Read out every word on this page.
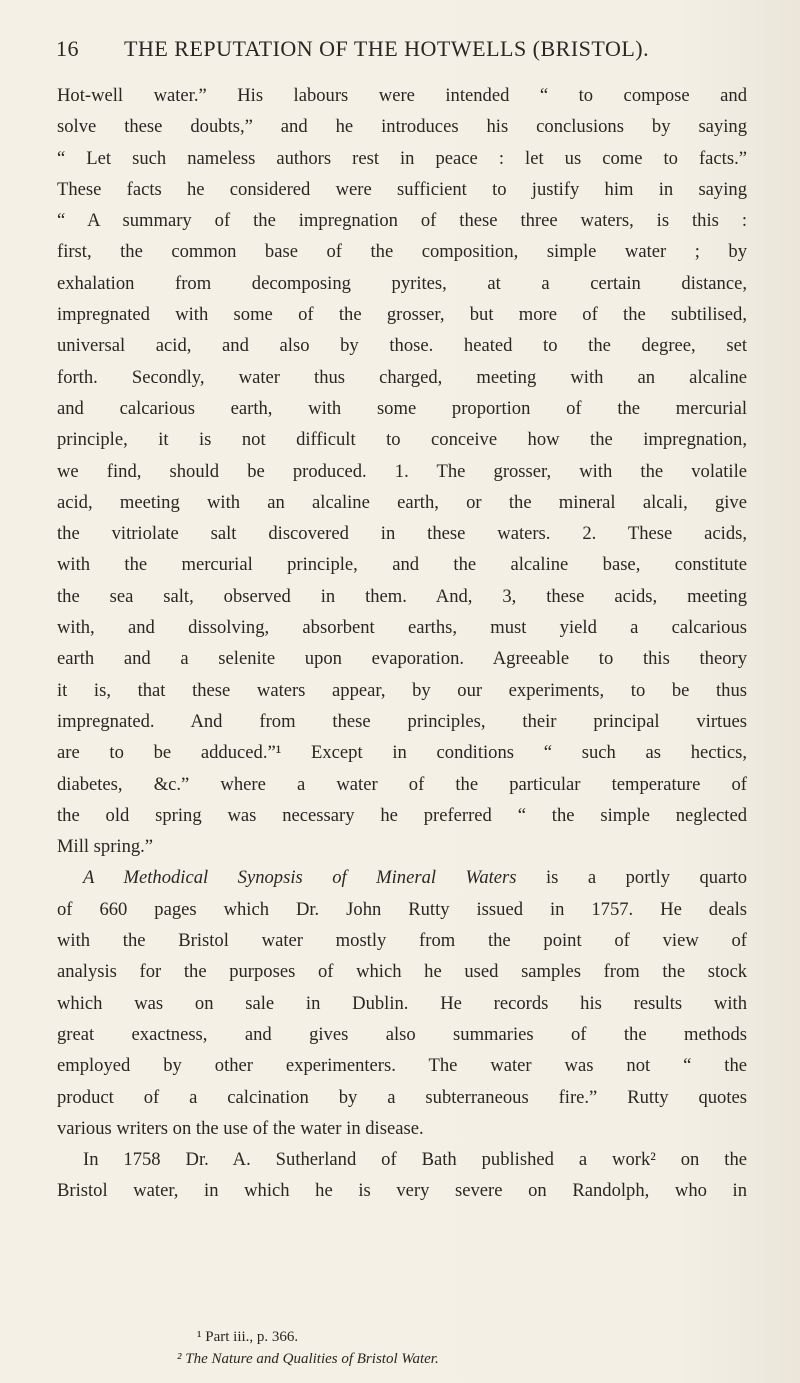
16 THE REPUTATION OF THE HOTWELLS (BRISTOL).
Hot-well water.” His labours were intended “ to compose and
solve these doubts,” and he introduces his conclusions by saying
“ Let such nameless authors rest in peace : let us come to facts.”
These facts he considered were sufficient to justify him in saying
“ A summary of the impregnation of these three waters, is this :
first, the common base of the composition, simple water ; by
exhalation from decomposing pyrites, at a certain distance,
impregnated with some of the grosser, but more of the subtilised,
universal acid, and also by those. heated to the degree, set
forth. Secondly, water thus charged, meeting with an alcaline
and calcarious earth, with some proportion of the mercurial
principle, it is not difficult to conceive how the impregnation,
we find, should be produced. 1. The grosser, with the volatile
acid, meeting with an alcaline earth, or the mineral alcali, give
the vitriolate salt discovered in these waters. 2. These acids,
with the mercurial principle, and the alcaline base, constitute
the sea salt, observed in them. And, 3, these acids, meeting
with, and dissolving, absorbent earths, must yield a calcarious
earth and a selenite upon evaporation. Agreeable to this theory
it is, that these waters appear, by our experiments, to be thus
impregnated. And from these principles, their principal virtues
are to be adduced.”¹ Except in conditions “ such as hectics,
diabetes, &c.” where a water of the particular temperature of
the old spring was necessary he preferred “ the simple neglected
Mill spring.”
A Methodical Synopsis of Mineral Waters is a portly quarto
of 660 pages which Dr. John Rutty issued in 1757. He deals
with the Bristol water mostly from the point of view of
analysis for the purposes of which he used samples from the stock
which was on sale in Dublin. He records his results with
great exactness, and gives also summaries of the methods
employed by other experimenters. The water was not “ the
product of a calcination by a subterraneous fire.” Rutty quotes
various writers on the use of the water in disease.
In 1758 Dr. A. Sutherland of Bath published a work² on the
Bristol water, in which he is very severe on Randolph, who in
¹ Part iii., p. 366.
² The Nature and Qualities of Bristol Water.
